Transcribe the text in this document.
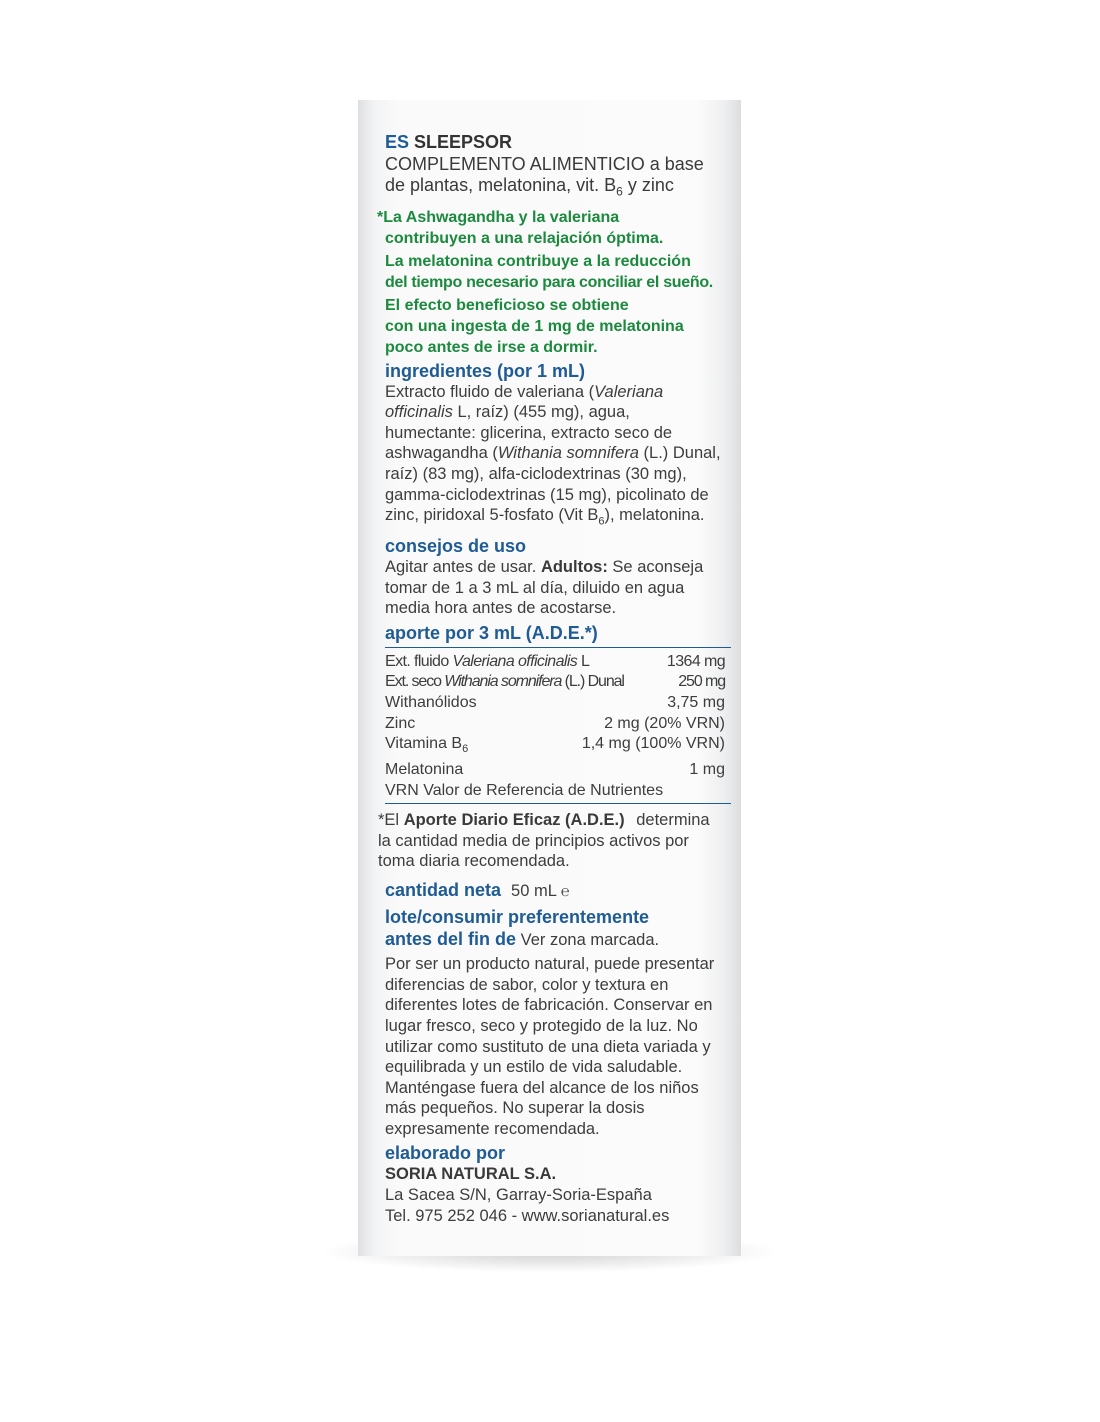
ES SLEEPSOR
COMPLEMENTO ALIMENTICIO a base
de plantas, melatonina, vit. $B_6$ y zinc

*La Ashwagandha y la valeriana
contribuyen a una relajación óptima.

La melatonina contribuye a la reducción
del tiempo necesario para conciliar el sueño.

El efecto beneficioso se obtiene
con una ingesta de 1 mg de melatonina
poco antes de irse a dormir.

ingredientes (por 1 mL)

Extracto fluido de valeriana (Valeriana officinalis L, raíz) (455 mg), agua, humectante: glicerina, extracto seco de ashwagandha (Withania somnifera (L.) Dunal, raíz) (83 mg), alfa-ciclodextrinas (30 mg), gamma-ciclodextrinas (15 mg), picolinato de zinc, piridoxal 5-fosfato (Vit $B_6$), melatonina.

consejos de uso

Agitar antes de usar. Adultos: Se aconseja tomar de 1 a 3 mL al día, diluido en agua media hora antes de acostarse.

aporte por 3 mL (A.D.E.*)
Ext. fluido Valeriana officinalis L	1364 mg
Ext. seco Withania somnifera (L.) Dunal	250 mg
Withanólidos	3,75 mg
Zinc	2 mg (20% VRN)
Vitamina $B_6$	1,4 mg (100% VRN)
Melatonina	1 mg
VRN Valor de Referencia de Nutrientes

*El Aporte Diario Eficaz (A.D.E.) determina la cantidad media de principios activos por toma diaria recomendada.

cantidad neta 50 mL ℮
lote/consumir preferentemente
antes del fin de Ver zona marcada.

Por ser un producto natural, puede presentar diferencias de sabor, color y textura en diferentes lotes de fabricación. Conservar en lugar fresco, seco y protegido de la luz. No utilizar como sustituto de una dieta variada y equilibrada y un estilo de vida saludable. Manténgase fuera del alcance de los niños más pequeños. No superar la dosis expresamente recomendada.

elaborado por

SORIA NATURAL S.A.

La Sacea S/N, Garray-Soria-España

Tel. 975 252 046 - www.sorianatural.es
